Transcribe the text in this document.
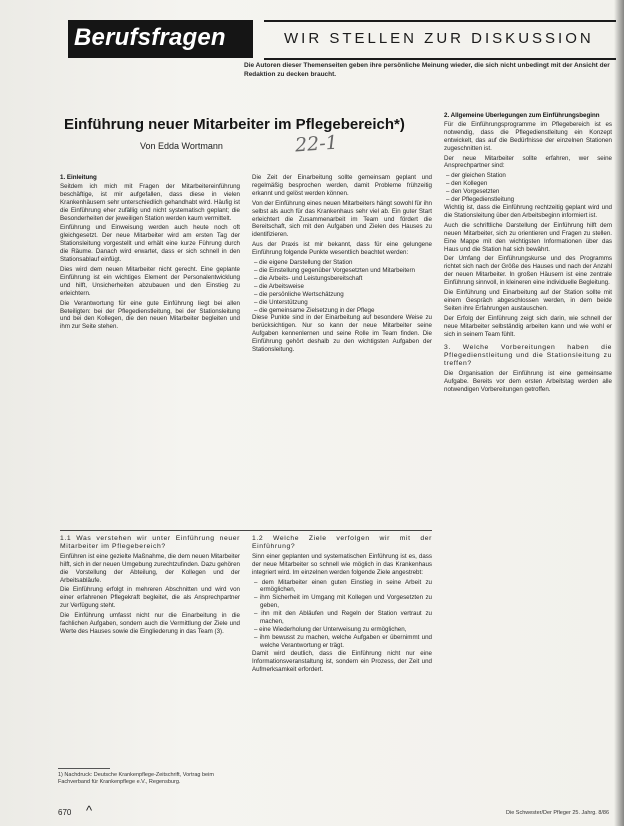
Berufsfragen	WIR STELLEN ZUR DISKUSSION
Die Autoren dieser Themenseiten geben ihre persönliche Meinung wieder, die sich nicht unbedingt mit der Ansicht der Redaktion zu decken braucht.
Einführung neuer Mitarbeiter im Pflegebereich*)
Von Edda Wortmann	22-1
1. Einleitung

Seitdem ich mich mit Fragen der Mitarbeitereinführung beschäftige, ist mir aufgefallen, dass diese in vielen Krankenhäusern sehr unterschiedlich gehandhabt wird. Häufig ist die Einführung eher zufällig und nicht systematisch geplant; die Besonderheiten der jeweiligen Station werden kaum vermittelt.

Einführung und Einweisung werden auch heute noch oft gleichgesetzt. Der neue Mitarbeiter wird am ersten Tag der Stationsleitung vorgestellt und erhält eine kurze Führung durch die Räume. Danach wird erwartet, dass er sich schnell in den Stationsablauf einfügt.

Dies wird dem neuen Mitarbeiter nicht gerecht. Eine geplante Einführung ist ein wichtiges Element der Personalentwicklung und hilft, Unsicherheiten abzubauen und den Einstieg zu erleichtern.

Die Verantwortung für eine gute Einführung liegt bei allen Beteiligten: bei der Pflegedienstleitung, bei der Stationsleitung und bei den Kollegen, die den neuen Mitarbeiter begleiten und ihm zur Seite stehen.

Die Zeit der Einarbeitung sollte gemeinsam geplant und regelmäßig besprochen werden, damit Probleme frühzeitig erkannt und gelöst werden können.

Von der Einführung eines neuen Mitarbeiters hängt sowohl für ihn selbst als auch für das Krankenhaus sehr viel ab. Ein guter Start erleichtert die Zusammenarbeit im Team und fördert die Bereitschaft, sich mit den Aufgaben und Zielen des Hauses zu identifizieren.

Aus der Praxis ist mir bekannt, dass für eine gelungene Einführung folgende Punkte wesentlich beachtet werden:

– die eigene Darstellung der Station
– die Einstellung gegenüber Vorgesetzten und Mitarbeitern
– die Arbeits- und Leistungsbereitschaft
– die Arbeitsweise
– die persönliche Wertschätzung
– die Unterstützung
– die gemeinsame Zielsetzung in der Pflege

Diese Punkte sind in der Einarbeitung auf besondere Weise zu berücksichtigen. Nur so kann der neue Mitarbeiter seine Aufgaben kennenlernen und seine Rolle im Team finden. Die Einführung gehört deshalb zu den wichtigsten Aufgaben der Stationsleitung.

1.1 Was verstehen wir unter Einführung neuer Mitarbeiter im Pflegebereich?

Einführen ist eine gezielte Maßnahme, die dem neuen Mitarbeiter hilft, sich in der neuen Umgebung zurechtzufinden. Dazu gehören die Vorstellung der Abteilung, der Kollegen und der Arbeitsabläufe.

Die Einführung erfolgt in mehreren Abschnitten und wird von einer erfahrenen Pflegekraft begleitet, die als Ansprechpartner zur Verfügung steht.

Die Einführung umfasst nicht nur die Einarbeitung in die fachlichen Aufgaben, sondern auch die Vermittlung der Ziele und Werte des Hauses sowie die Eingliederung in das Team (3).

1.2 Welche Ziele verfolgen wir mit der Einführung?

Sinn einer geplanten und systematischen Einführung ist es, dass der neue Mitarbeiter so schnell wie möglich in das Krankenhaus integriert wird. Im einzelnen werden folgende Ziele angestrebt:

– dem Mitarbeiter einen guten Einstieg in seine Arbeit zu ermöglichen,
– ihm Sicherheit im Umgang mit Kollegen und Vorgesetzten zu geben,
– ihn mit den Abläufen und Regeln der Station vertraut zu machen,
– eine Wiederholung der Unterweisung zu ermöglichen,
– ihm bewusst zu machen, welche Aufgaben er übernimmt und welche Verantwortung er trägt.

Damit wird deutlich, dass die Einführung nicht nur eine Informationsveranstaltung ist, sondern ein Prozess, der Zeit und Aufmerksamkeit erfordert.

2. Allgemeine Überlegungen zum Einführungsbeginn

Für die Einführungsprogramme im Pflegebereich ist es notwendig, dass die Pflegedienstleitung ein Konzept entwickelt, das auf die Bedürfnisse der einzelnen Stationen zugeschnitten ist.

Der neue Mitarbeiter sollte erfahren, wer seine Ansprechpartner sind:

– der gleichen Station
– den Kollegen
– den Vorgesetzten
– der Pflegedienstleitung

Wichtig ist, dass die Einführung rechtzeitig geplant wird und die Stationsleitung über den Arbeitsbeginn informiert ist.

Auch die schriftliche Darstellung der Einführung hilft dem neuen Mitarbeiter, sich zu orientieren und Fragen zu stellen. Eine Mappe mit den wichtigsten Informationen über das Haus und die Station hat sich bewährt.

Der Umfang der Einführungskurse und des Programms richtet sich nach der Größe des Hauses und nach der Anzahl der neuen Mitarbeiter. In großen Häusern ist eine zentrale Einführung sinnvoll, in kleineren eine individuelle Begleitung.

Die Einführung und Einarbeitung auf der Station sollte mit einem Gespräch abgeschlossen werden, in dem beide Seiten ihre Erfahrungen austauschen.

Der Erfolg der Einführung zeigt sich darin, wie schnell der neue Mitarbeiter selbständig arbeiten kann und wie wohl er sich in seinem Team fühlt.

3. Welche Vorbereitungen haben die Pflegedienstleitung und die Stationsleitung zu treffen?

Die Organisation der Einführung ist eine gemeinsame Aufgabe. Bereits vor dem ersten Arbeitstag werden alle notwendigen Vorbereitungen getroffen.

1) Nachdruck: Deutsche Krankenpflege-Zeitschrift, Vortrag beim Fachverband für Krankenpflege e.V., Regensburg.
670 ^	Die Schwester/Der Pfleger 25. Jahrg. 8/86
